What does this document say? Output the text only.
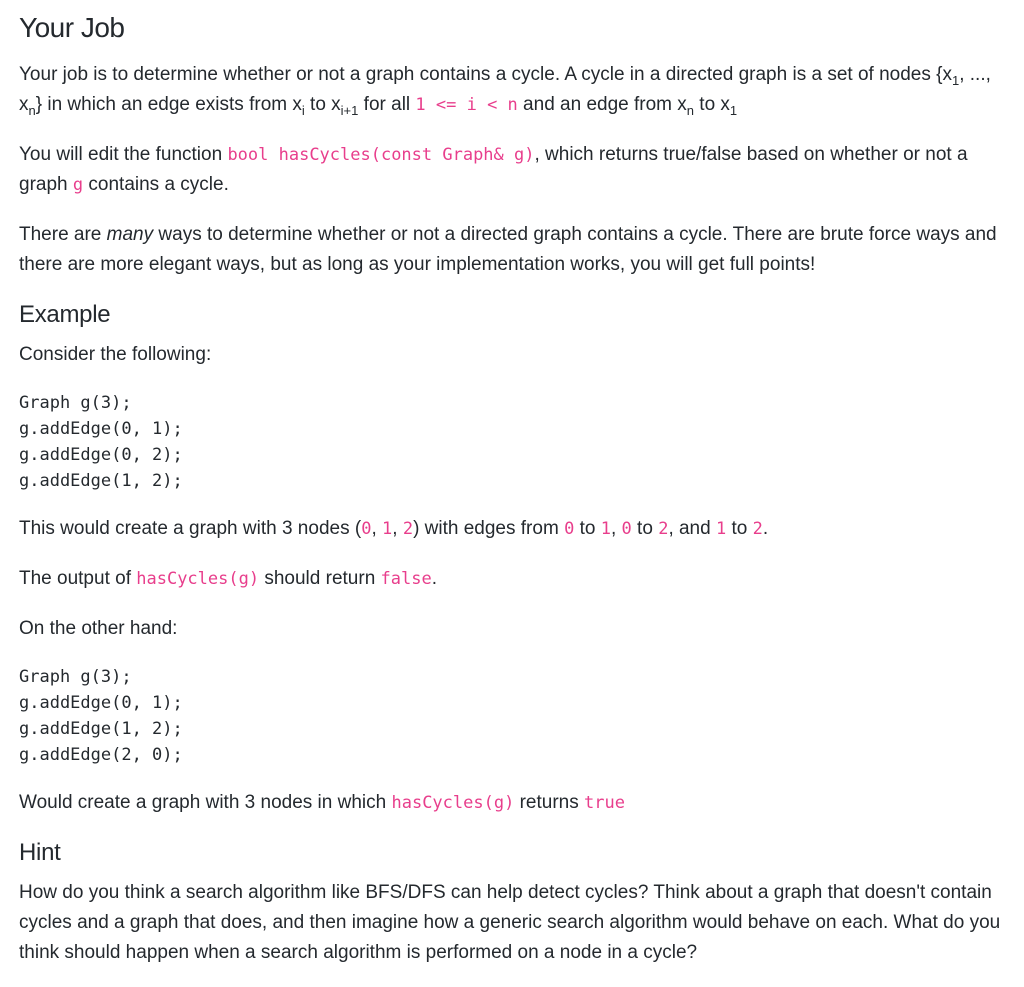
Your Job

Your job is to determine whether or not a graph contains a cycle. A cycle in a directed graph is a set of nodes {$x_1$, ..., $x_n$} in which an edge exists from $x_i$ to $x_{i+1}$ for all 1 <= i < n and an edge from $x_n$ to $x_1$

You will edit the function bool hasCycles(const Graph& g), which returns true/false based on whether or not a graph g contains a cycle.

There are many ways to determine whether or not a directed graph contains a cycle. There are brute force ways and there are more elegant ways, but as long as your implementation works, you will get full points!

Example

Consider the following:

Graph g(3);
g.addEdge(0, 1);
g.addEdge(0, 2);
g.addEdge(1, 2);

This would create a graph with 3 nodes (0, 1, 2) with edges from 0 to 1, 0 to 2, and 1 to 2.

The output of hasCycles(g) should return false.

On the other hand:

Graph g(3);
g.addEdge(0, 1);
g.addEdge(1, 2);
g.addEdge(2, 0);

Would create a graph with 3 nodes in which hasCycles(g) returns true

Hint

How do you think a search algorithm like BFS/DFS can help detect cycles? Think about a graph that doesn't contain cycles and a graph that does, and then imagine how a generic search algorithm would behave on each. What do you think should happen when a search algorithm is performed on a node in a cycle?
